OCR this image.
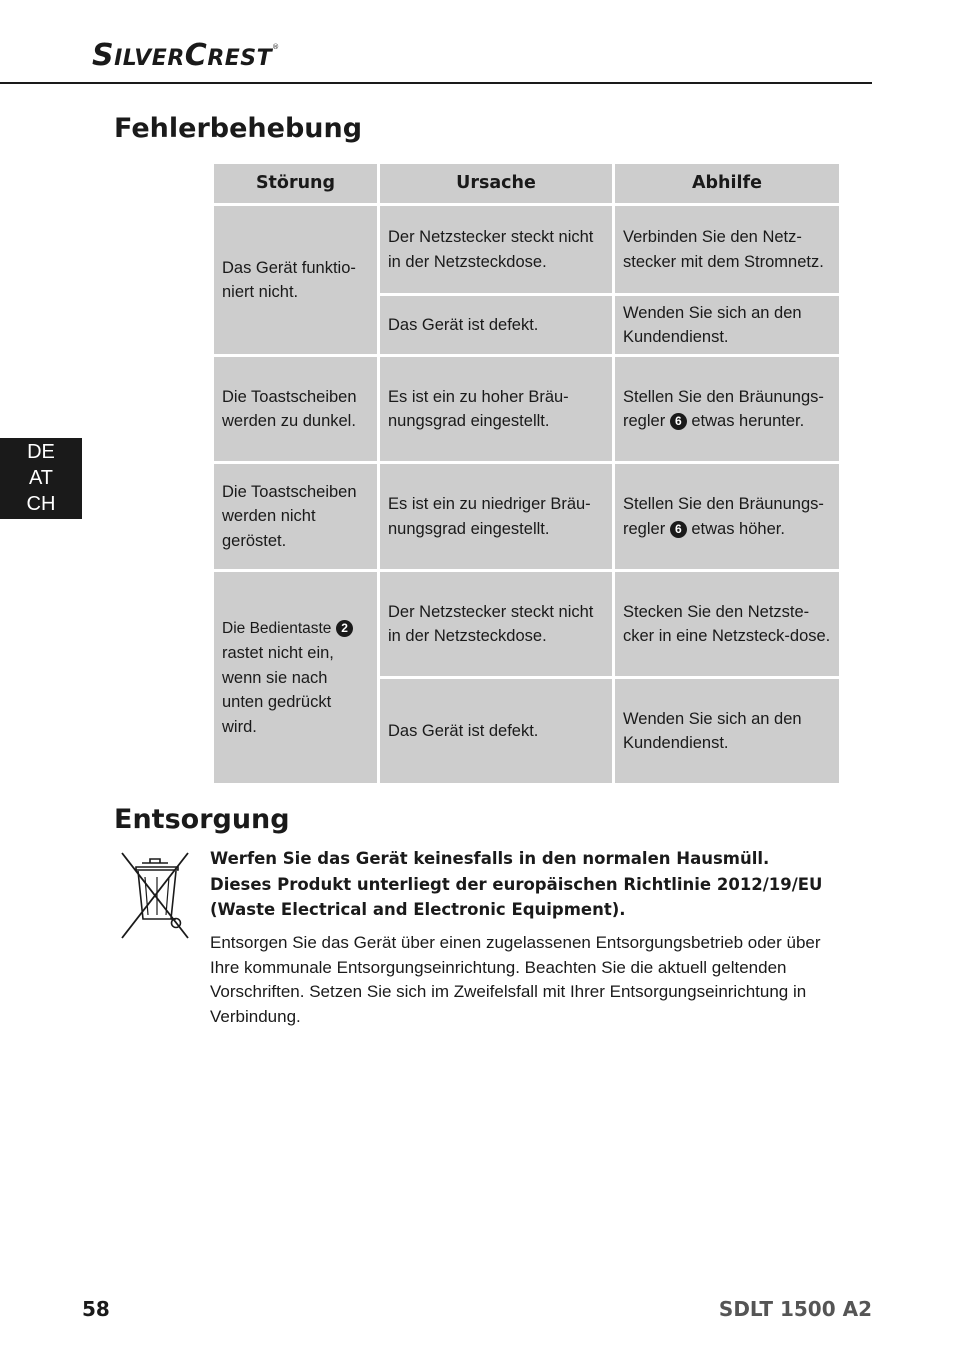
SILVERCREST®
Fehlerbehebung
DE
AT
CH
Störung	Ursache	Abhilfe
Das Gerät funktio-niert nicht.	Der Netzstecker steckt nicht in der Netzsteckdose.	Verbinden Sie den Netz-stecker mit dem Stromnetz.
	Das Gerät ist defekt.	Wenden Sie sich an den Kundendienst.
Die Toastscheiben werden zu dunkel.	Es ist ein zu hoher Bräu-nungsgrad eingestellt.	Stellen Sie den Bräunungs-regler 6 etwas herunter.
Die Toastscheiben werden nicht geröstet.	Es ist ein zu niedriger Bräu-nungsgrad eingestellt.	Stellen Sie den Bräunungs-regler 6 etwas höher.
Die Bedientaste 2 rastet nicht ein, wenn sie nach unten gedrückt wird.	Der Netzstecker steckt nicht in der Netzsteckdose.	Stecken Sie den Netzste-cker in eine Netzsteck-dose.
	Das Gerät ist defekt.	Wenden Sie sich an den Kundendienst.
Entsorgung
Werfen Sie das Gerät keinesfalls in den normalen Hausmüll.
Dieses Produkt unterliegt der europäischen Richtlinie 2012/19/EU
(Waste Electrical and Electronic Equipment).
Entsorgen Sie das Gerät über einen zugelassenen Entsorgungsbetrieb oder über
Ihre kommunale Entsorgungseinrichtung. Beachten Sie die aktuell geltenden
Vorschriften. Setzen Sie sich im Zweifelsfall mit Ihrer Entsorgungseinrichtung in
Verbindung.
58	SDLT 1500 A2
